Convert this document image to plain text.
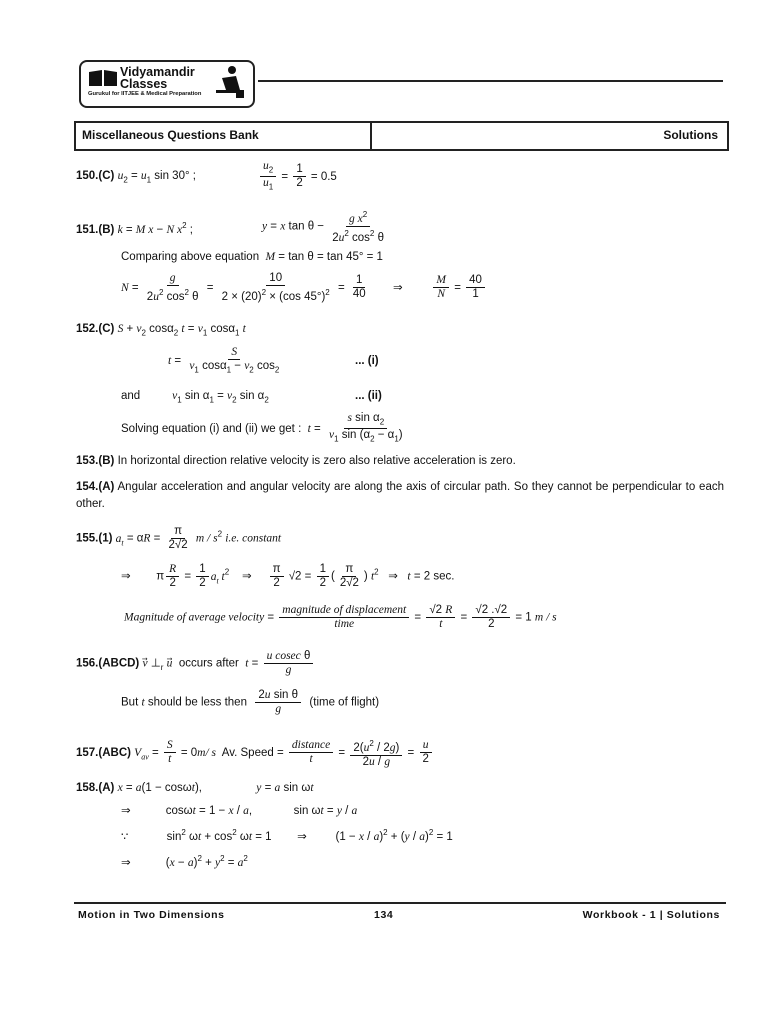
Vidyamandir
Classes
Gurukul for IITJEE & Medical Preparation
Miscellaneous Questions Bank	Solutions
150.(C) $u_2 = u_1$ sin 30° ;	$\frac{u_2}{u_1} = \frac{1}{2} = 0.5$
151.(B) k = M x − N $x^2$ ;	y = x $\tan \theta - \frac{g x^2}{2u^2 \cos^2 \theta}$
Comparing above equation M = tan θ = tan 45° = 1
$N = \frac{g}{2u^2 \cos^2 \theta} = \frac{10}{2 \times (20)^2 \times (\cos 45^\circ)^2} = \frac{1}{40}$ ⇒ $\frac{M}{N} = \frac{40}{1}$
152.(C) $S + v_2$ cosα$_2$ $t = v_1$ cosα$_1$ t
$t = \frac{S}{v_1 \cos\alpha_1 - v_2 \cos_2}$	... (i)
and	$v_1$ $\sin \alpha_1 = v_2$ $\sin \alpha_2$	... (ii)
Solving equation (i) and (ii) we get : $t = \frac{s \sin \alpha_2}{v_1 \sin (\alpha_2 - \alpha_1)}$
153.(B) In horizontal direction relative velocity is zero also relative acceleration is zero.
154.(A) Angular acceleration and angular velocity are along the axis of circular path. So they cannot be perpendicular to each other.
155.(1) $a_t = \alpha R = \frac{\pi}{2√2}$ m / $s^2$ i.e. constant
⇒        π $\frac{R}{2} = \frac{1}{2} a_t$ $t^2$    ⇒ $\frac{\pi}{2} √2 = \frac{1}{2}$ ( $\frac{\pi}{2√2}$ ) $t^2$   ⇒   t = 2 sec.
Magnitude of average velocity = $\frac{\text{magnitude of displacement}}{\text{time}} = \frac{√2 R}{t} = \frac{√2 .√2}{2} = 1$ m / s
156.(ABCD) v⃗ $\perp_r$ u⃗  occurs after $t = \frac{\text{u cosec θ}}{g}$
But t should be less then $\frac{\text{2u sin θ}}{g}$ (time of flight)
157.(ABC) $V_{av} = \frac{S}{t} = 0m/$ s Av. Speed = $\frac{\text{distance}}{t} = \frac{2(u^2 / 2g)}{2u / g} = \frac{u}{2}$
158.(A) x = a(1 − cosωt),                 y = a sin ωt
⇒           cosωt = 1 − x / a,             sin ωt = y / a
∵            $\sin^2 \omega t + \cos^2 \omega t = 1$        ⇒         $(1 - x / a)^2 + (y / a)^2 = 1$
⇒           $(x - a)^2 + y^2 = a^2$
Motion in Two Dimensions	134	Workbook - 1 | Solutions
